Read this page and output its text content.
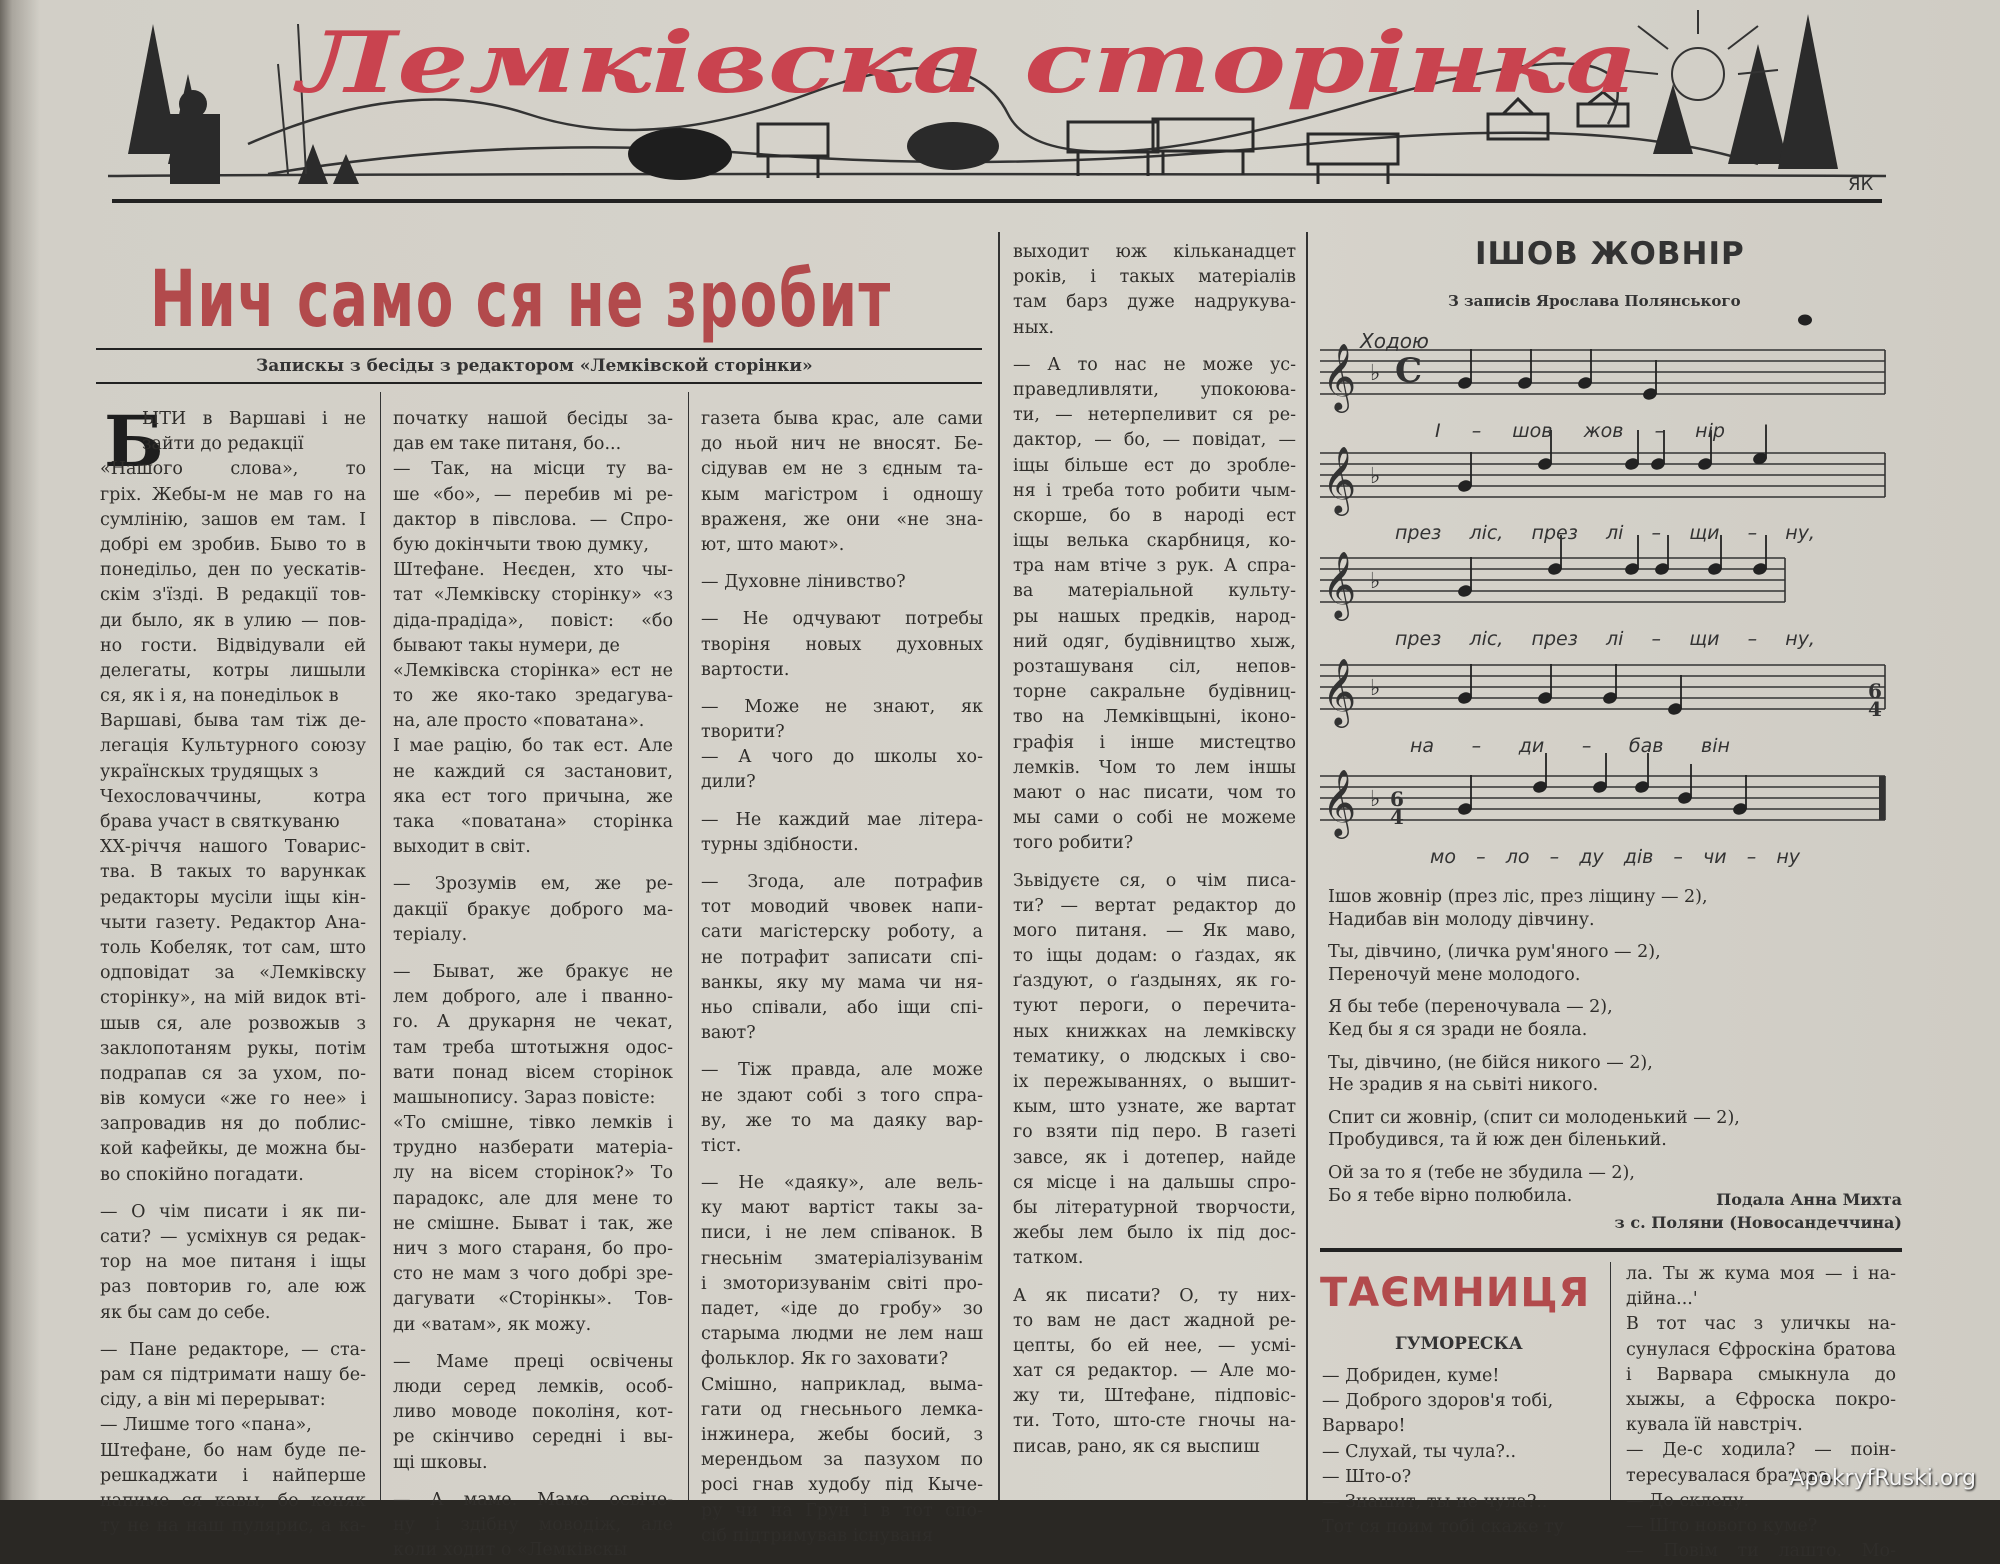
Лемківска сторінка
ЯК
Нич само ся не зробит
Запискы з бесіды з редактором «Лемківской сторінки»
Б
ЫТИ в Варшаві і не
зайти до редакції
«Нашого слова», то
гріх. Жебы-м не мав го на
сумлінію, зашов ем там. І
добрі ем зробив. Быво то в
понедільо, ден по уескатів-
скім з'їзді. В редакції тов-
ди было, як в улию — пов-
но гости. Відвідували ей
делегаты, котры лишыли
ся, як і я, на понедільок в
Варшаві, быва там тіж де-
легація Культурного союзу
українскых трудящых з
Чехословаччины, котра
брава участ в святкуваню
ХХ-річчя нашого Товарис-
тва. В такых то варункак
редакторы мусіли іщы кін-
чыти газету. Редактор Ана-
толь Кобеляк, тот сам, што
одповідат за «Лемківску
сторінку», на мій видок вті-
шыв ся, але розвожыв з
заклопотаням рукы, потім
подрапав ся за ухом, по-
вів комуси «же го нее» і
запровадив ня до поблис-
кой кафейкы, де можна бы-
во спокійно погадати.
— О чім писати і як пи-
сати? — усміхнув ся редак-
тор на мое питаня і іщы
раз повторив го, але юж
як бы сам до себе.
— Пане редакторе, — ста-
рам ся підтримати нашу бе-
сіду, а він мі перерыват:
— Лишме того «пана»,
Штефане, бо нам буде пе-
решкаджати і найперше
напиме ся кавы, бо коняк
ту не на наш пулярис, а ка-
початку нашой бесіды за-
дав ем таке питаня, бо...
— Так, на місци ту ва-
ше «бо», — перебив мі ре-
дактор в півслова. — Спро-
бую докінчыти твою думку,
Штефане. Неєден, хто чы-
тат «Лемківску сторінку» «з
діда-прадіда», повіст: «бо
бывают такы нумери, де
«Лемківска сторінка» ест не
то же яко-тако зредагува-
на, але просто «поватана».
І мае рацію, бо так ест. Але
не каждий ся застановит,
яка ест того причына, же
така «поватана» сторінка
выходит в світ.
— Зрозумів ем, же ре-
дакції бракує доброго ма-
теріалу.
— Быват, же бракує не
лем доброго, але і пванно-
го. А друкарня не чекат,
там треба штотыжня одос-
вати понад вісем сторінок
машынопису. Зараз повісте:
«То смішне, тівко лемків і
трудно назберати матеріа-
лу на вісем сторінок?» То
парадокс, але для мене то
не смішне. Быват і так, же
нич з мого стараня, бо про-
сто не мам з чого добрі зре-
дагувати «Сторінкы». Тов-
ди «ватам», як можу.
— Маме преці освічены
люди серед лемків, особ-
ливо моводе поколіня, кот-
ре скінчиво середні і вы-
щі шковы.
— А маме. Маме освіче-
ну і здібну моводіж, але
коли ходит о «Лемківскы
газета быва крас, але сами
до ньой нич не вносят. Бе-
сідував ем не з єдным та-
кым магістром і одношу
враженя, же они «не зна-
ют, што мают».
— Духовне лінивство?
— Не одчувают потребы
творіня новых духовных
вартости.
— Може не знают, як
творити?
— А чого до школы хо-
дили?
— Не каждий мае літера-
турны здібности.
— Згода, але потрафив
тот моводий чвовек напи-
сати магістерску роботу, а
не потрафит записати спі-
ванкы, яку му мама чи ня-
ньо співали, або іщи спі-
вают?
— Тіж правда, але може
не здают собі з того спра-
ву, же то ма даяку вар-
тіст.
— Не «даяку», але вель-
ку мают вартіст такы за-
писи, і не лем співанок. В
гнесьнім зматеріалізуванім
і змоторизуванім світі про-
падет, «іде до гробу» зо
старыма людми не лем наш
фольклор. Як го заховати?
Смішно, наприклад, выма-
гати од гнесьнього лемка-
інжинера, жебы босий, з
мерендьом за пазухом по
росі гнав худобу під Кыче-
ру чи на Грун і в тот спо-
сіб підтримував існуваня
выходит юж кільканадцет
років, і такых матеріалів
там барз дуже надрукува-
ных.
— А то нас не може ус-
праведливляти, упокоюва-
ти, — нетерпеливит ся ре-
дактор, — бо, — повідат, —
іщы більше ест до зробле-
ня і треба тото робити чым-
скорше, бо в народі ест
іщы велька скарбниця, ко-
тра нам втіче з рук. А спра-
ва матеріальной культу-
ры нашых предків, народ-
ний одяг, будівництво хыж,
розташуваня сіл, непов-
торне сакральне будівниц-
тво на Лемківщыні, іконо-
графія і інше мистецтво
лемків. Чом то лем іншы
мают о нас писати, чом то
мы сами о собі не можеме
того робити?
Зьвідуєте ся, о чім писа-
ти? — вертат редактор до
мого питаня. — Як маво,
то іщы додам: о ґаздах, як
ґаздуют, о ґаздынях, як го-
туют пероги, о перечита-
ных книжках на лемківску
тематику, о людскых і сво-
іх пережываннях, о вышит-
кым, што узнате, же вартат
го взяти під перо. В газеті
завсе, як і дотепер, найде
ся місце і на дальшы спро-
бы літературной творчости,
жебы лем было іх під дос-
татком.
А як писати? О, ту них-
то вам не даст жадной ре-
цепты, бо ей нее, — усмі-
хат ся редактор. — Але мо-
жу ти, Штефане, підповіс-
ти. Тото, што-сте гночы на-
писав, рано, як ся выспиш
ІШОВ ЖОВНІР
З записів Ярослава Полянського
Ходою
𝄞 ♭
𝄞 ♭
𝄞 ♭
𝄞 ♭
𝄞 ♭
C
6
4
6
4
І – шов жов – нір
през ліс, през лі – щи – ну,
през ліс, през лі – щи – ну,
на – ди – бав він
мо – ло – ду дів – чи – ну
Ішов жовнір (през ліс, през ліщину — 2),
Надибав він молоду дівчину.
Ты, дівчино, (личка рум'яного — 2),
Переночуй мене молодого.
Я бы тебе (переночувала — 2),
Кед бы я ся зради не бояла.
Ты, дівчино, (не бійся никого — 2),
Не зрадив я на сьвіті никого.
Спит си жовнір, (спит си молоденький — 2),
Пробудився, та й юж ден біленький.
Ой за то я (тебе не збудила — 2),
Бо я тебе вірно полюбила.	Подала Анна Михта
з с. Поляни (Новосандеччина)
ТАЄМНИЦЯ
ГУМОРЕСКА
— Добриден, куме!
— Доброго здоров'я тобі,
Варваро!
— Слухай, ты чула?..
— Што-о?
— Знашит, ты не чула?..
Тот ся поим тобі скаже ту
ла. Ты ж кума моя — і на-
дійна...'
В тот час з уличкы на-
сунулася Єфроскіна братова
і Варвара смыкнула до
хыжы, а Єфроска покро-
кувала їй навстріч.
— Де-с ходила? — поін-
тересувалася братова.
— До склепу.
— Што нового куме?
— Повім ти лашто. Мо-
ApokryfRuski.org
